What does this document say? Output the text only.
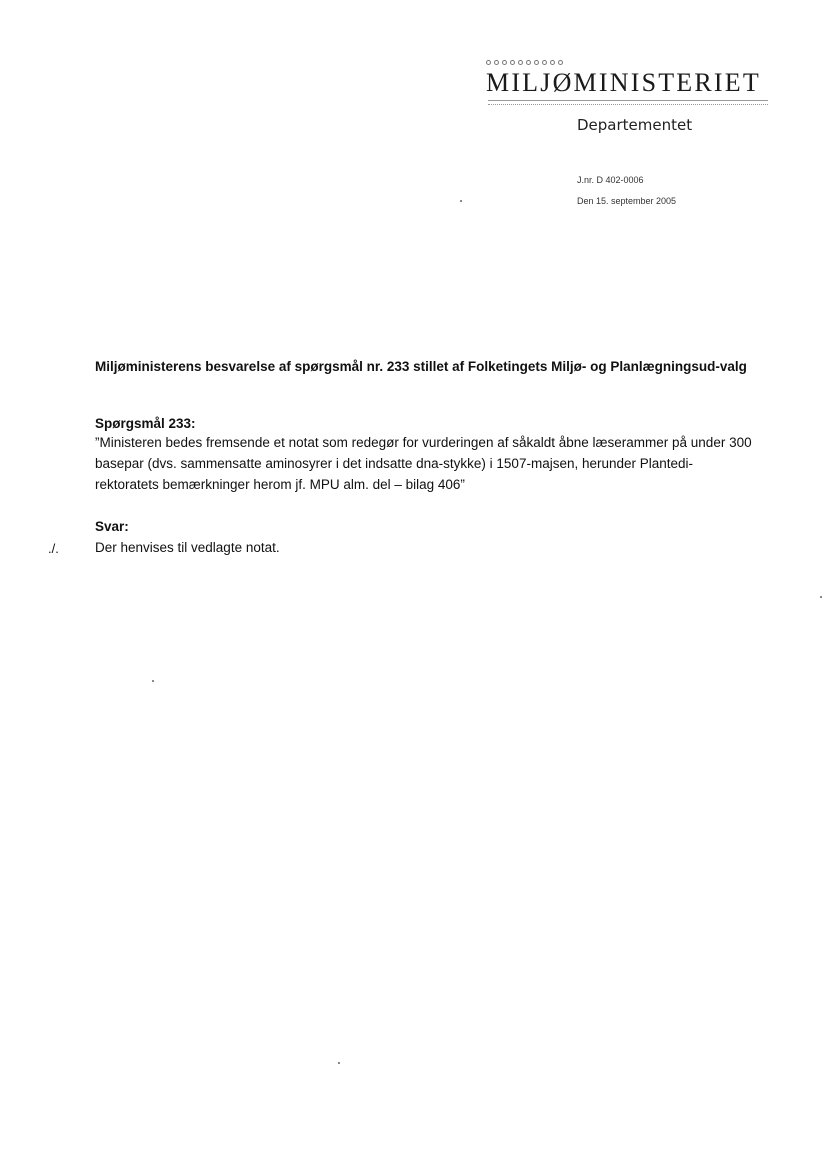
MILJØMINISTERIET
Departementet
J.nr. D 402-0006
Den 15. september 2005
Miljøministerens besvarelse af spørgsmål nr. 233 stillet af Folketingets Miljø- og Planlægningsud-valg
Spørgsmål 233:
”Ministeren bedes fremsende et notat som redegør for vurderingen af såkaldt åbne læserammer på under 300 basepar (dvs. sammensatte aminosyrer i det indsatte dna-stykke) i 1507-majsen, herunder Plantedi-rektoratets bemærkninger herom jf. MPU alm. del – bilag 406”
Svar:
./.	Der henvises til vedlagte notat.
